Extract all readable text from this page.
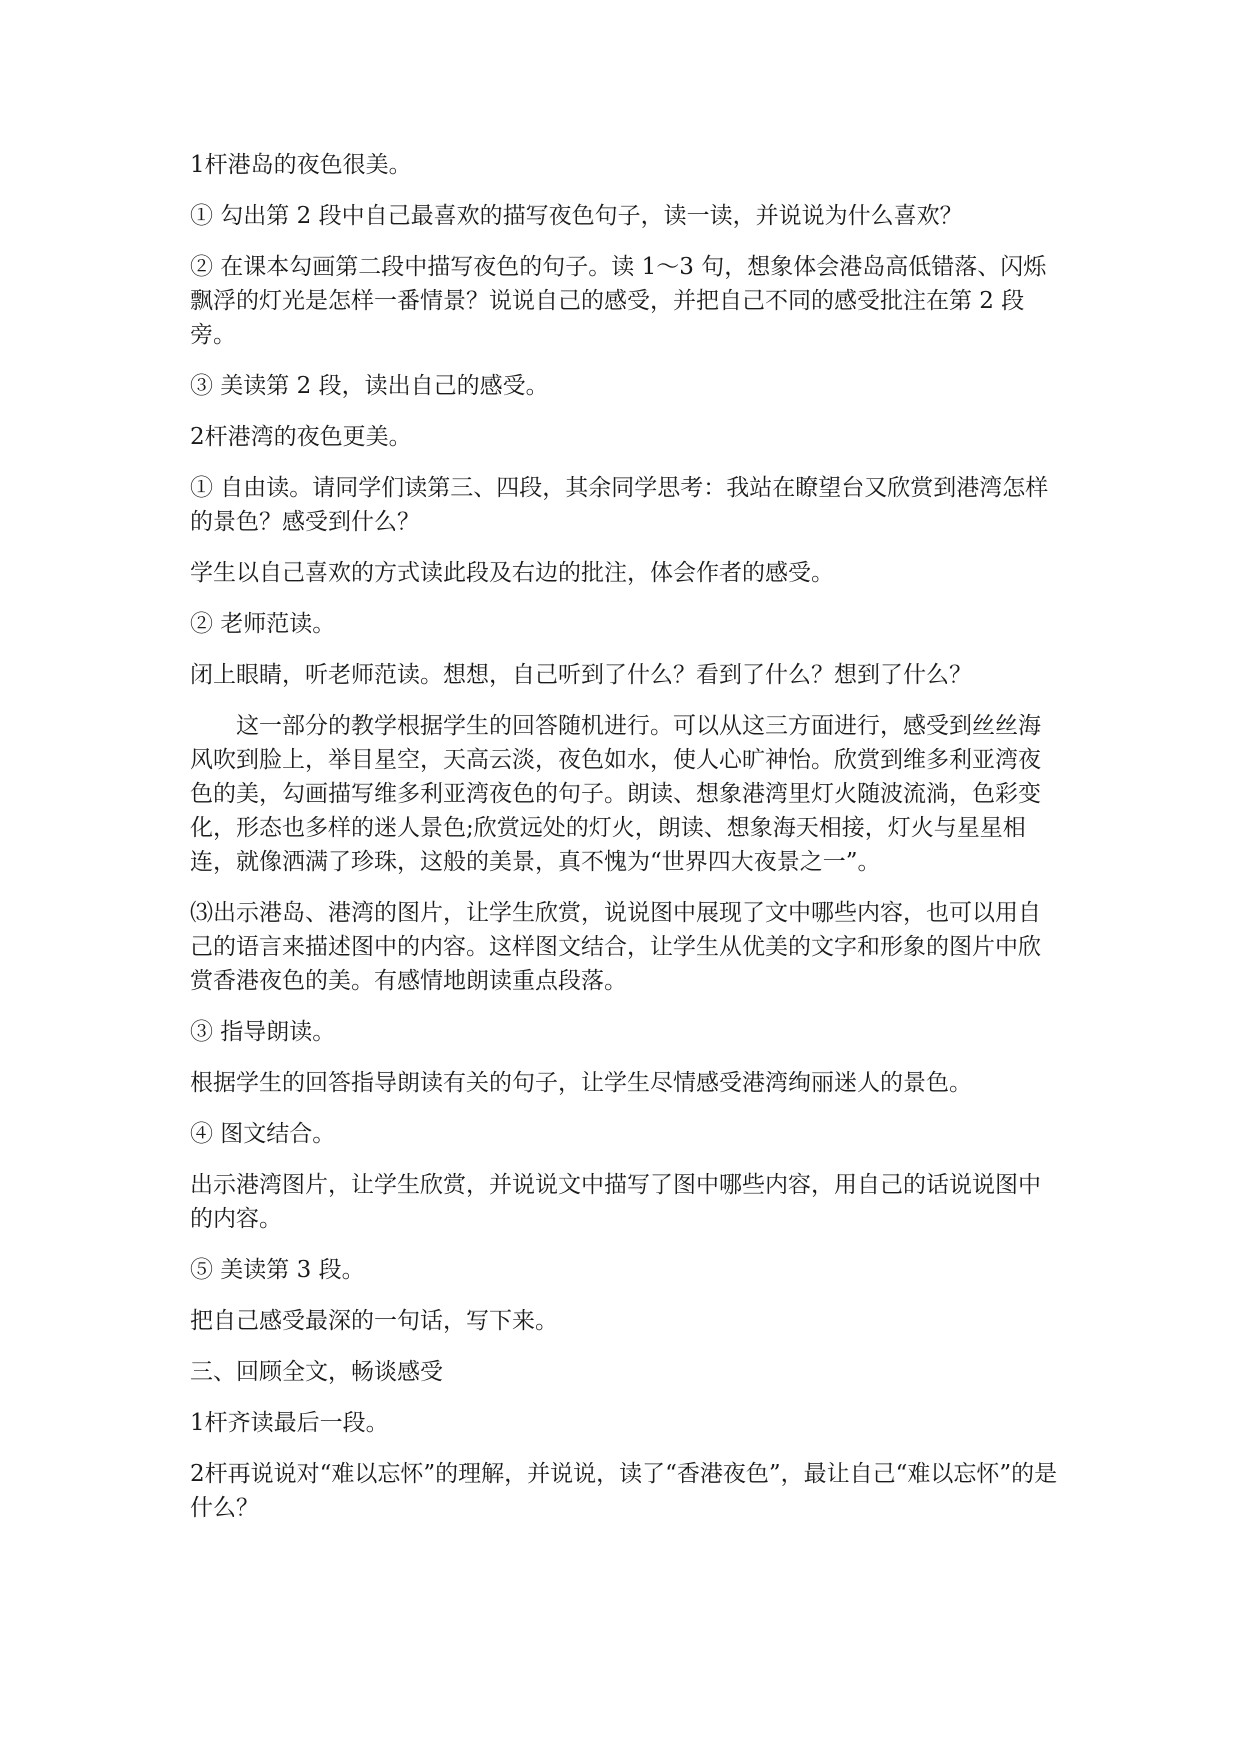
1杆港岛的夜色很美。

① 勾出第 2 段中自己最喜欢的描写夜色句子，读一读，并说说为什么喜欢？

② 在课本勾画第二段中描写夜色的句子。读 1～3 句，想象体会港岛高低错落、闪烁飘浮的灯光是怎样一番情景？说说自己的感受，并把自己不同的感受批注在第 2 段旁。

③ 美读第 2 段，读出自己的感受。

2杆港湾的夜色更美。

① 自由读。请同学们读第三、四段，其余同学思考：我站在瞭望台又欣赏到港湾怎样的景色？感受到什么？

学生以自己喜欢的方式读此段及右边的批注，体会作者的感受。

② 老师范读。

闭上眼睛，听老师范读。想想，自己听到了什么？看到了什么？想到了什么？

这一部分的教学根据学生的回答随机进行。可以从这三方面进行，感受到丝丝海风吹到脸上，举目星空，天高云淡，夜色如水，使人心旷神怡。欣赏到维多利亚湾夜色的美，勾画描写维多利亚湾夜色的句子。朗读、想象港湾里灯火随波流淌，色彩变化，形态也多样的迷人景色;欣赏远处的灯火，朗读、想象海天相接，灯火与星星相连，就像洒满了珍珠，这般的美景，真不愧为“世界四大夜景之一”。

⑶出示港岛、港湾的图片，让学生欣赏，说说图中展现了文中哪些内容，也可以用自己的语言来描述图中的内容。这样图文结合，让学生从优美的文字和形象的图片中欣赏香港夜色的美。有感情地朗读重点段落。

③ 指导朗读。

根据学生的回答指导朗读有关的句子，让学生尽情感受港湾绚丽迷人的景色。

④ 图文结合。

出示港湾图片，让学生欣赏，并说说文中描写了图中哪些内容，用自己的话说说图中的内容。

⑤ 美读第 3 段。

把自己感受最深的一句话，写下来。

三、回顾全文，畅谈感受

1杆齐读最后一段。

2杆再说说对“难以忘怀”的理解，并说说，读了“香港夜色”，最让自己“难以忘怀”的是什么？
